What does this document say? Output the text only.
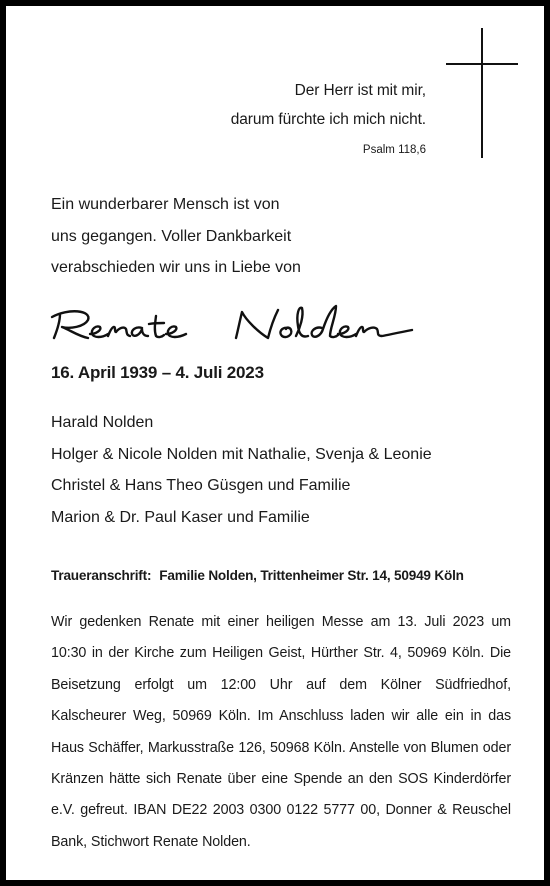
Der Herr ist mit mir,
darum fürchte ich mich nicht.
Psalm 118,6
Ein wunderbarer Mensch ist von
uns gegangen. Voller Dankbarkeit
verabschieden wir uns in Liebe von
16. April 1939 – 4. Juli 2023
Harald Nolden
Holger & Nicole Nolden mit Nathalie, Svenja & Leonie
Christel & Hans Theo Güsgen und Familie
Marion & Dr. Paul Kaser und Familie
Traueranschrift: Familie Nolden, Trittenheimer Str. 14, 50949 Köln
Wir gedenken Renate mit einer heiligen Messe am 13. Juli 2023 um 10:30 in der Kirche zum Heiligen Geist, Hürther Str. 4, 50969 Köln. Die Beisetzung erfolgt um 12:00 Uhr auf dem Kölner Südfriedhof, Kalscheurer Weg, 50969 Köln. Im Anschluss laden wir alle ein in das Haus Schäffer, Markusstraße 126, 50968 Köln. Anstelle von Blumen oder Kränzen hätte sich Renate über eine Spende an den SOS Kinderdörfer e.V. gefreut. IBAN DE22 2003 0300 0122 5777 00, Donner & Reuschel Bank, Stichwort Renate Nolden.
